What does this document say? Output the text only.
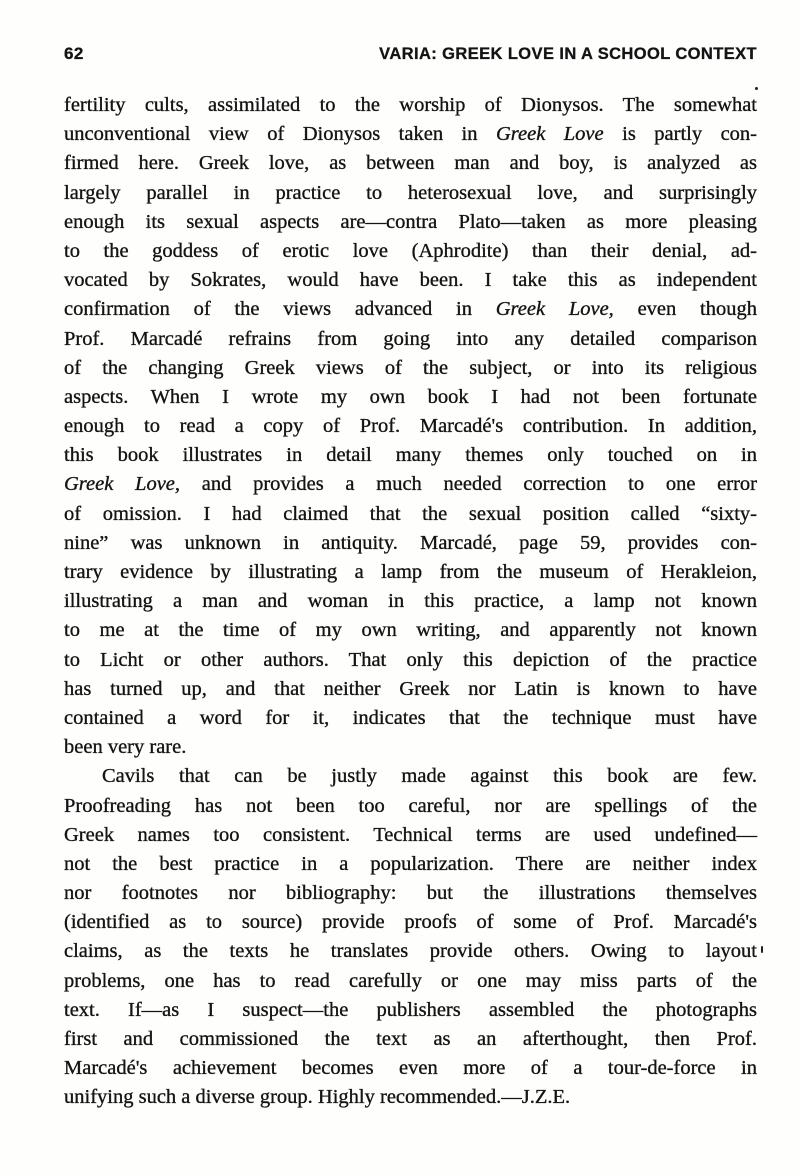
62	VARIA: GREEK LOVE IN A SCHOOL CONTEXT
fertility cults, assimilated to the worship of Dionysos. The somewhat
unconventional view of Dionysos taken in Greek Love is partly con-
firmed here. Greek love, as between man and boy, is analyzed as
largely parallel in practice to heterosexual love, and surprisingly
enough its sexual aspects are—contra Plato—taken as more pleasing
to the goddess of erotic love (Aphrodite) than their denial, ad-
vocated by Sokrates, would have been. I take this as independent
confirmation of the views advanced in Greek Love, even though
Prof. Marcadé refrains from going into any detailed comparison
of the changing Greek views of the subject, or into its religious
aspects. When I wrote my own book I had not been fortunate
enough to read a copy of Prof. Marcadé's contribution. In addition,
this book illustrates in detail many themes only touched on in
Greek Love, and provides a much needed correction to one error
of omission. I had claimed that the sexual position called “sixty-
nine” was unknown in antiquity. Marcadé, page 59, provides con-
trary evidence by illustrating a lamp from the museum of Herakleion,
illustrating a man and woman in this practice, a lamp not known
to me at the time of my own writing, and apparently not known
to Licht or other authors. That only this depiction of the practice
has turned up, and that neither Greek nor Latin is known to have
contained a word for it, indicates that the technique must have
been very rare.
Cavils that can be justly made against this book are few.
Proofreading has not been too careful, nor are spellings of the
Greek names too consistent. Technical terms are used undefined—
not the best practice in a popularization. There are neither index
nor footnotes nor bibliography: but the illustrations themselves
(identified as to source) provide proofs of some of Prof. Marcadé's
claims, as the texts he translates provide others. Owing to layout
problems, one has to read carefully or one may miss parts of the
text. If—as I suspect—the publishers assembled the photographs
first and commissioned the text as an afterthought, then Prof.
Marcadé's achievement becomes even more of a tour-de-force in
unifying such a diverse group. Highly recommended.—J.Z.E.
